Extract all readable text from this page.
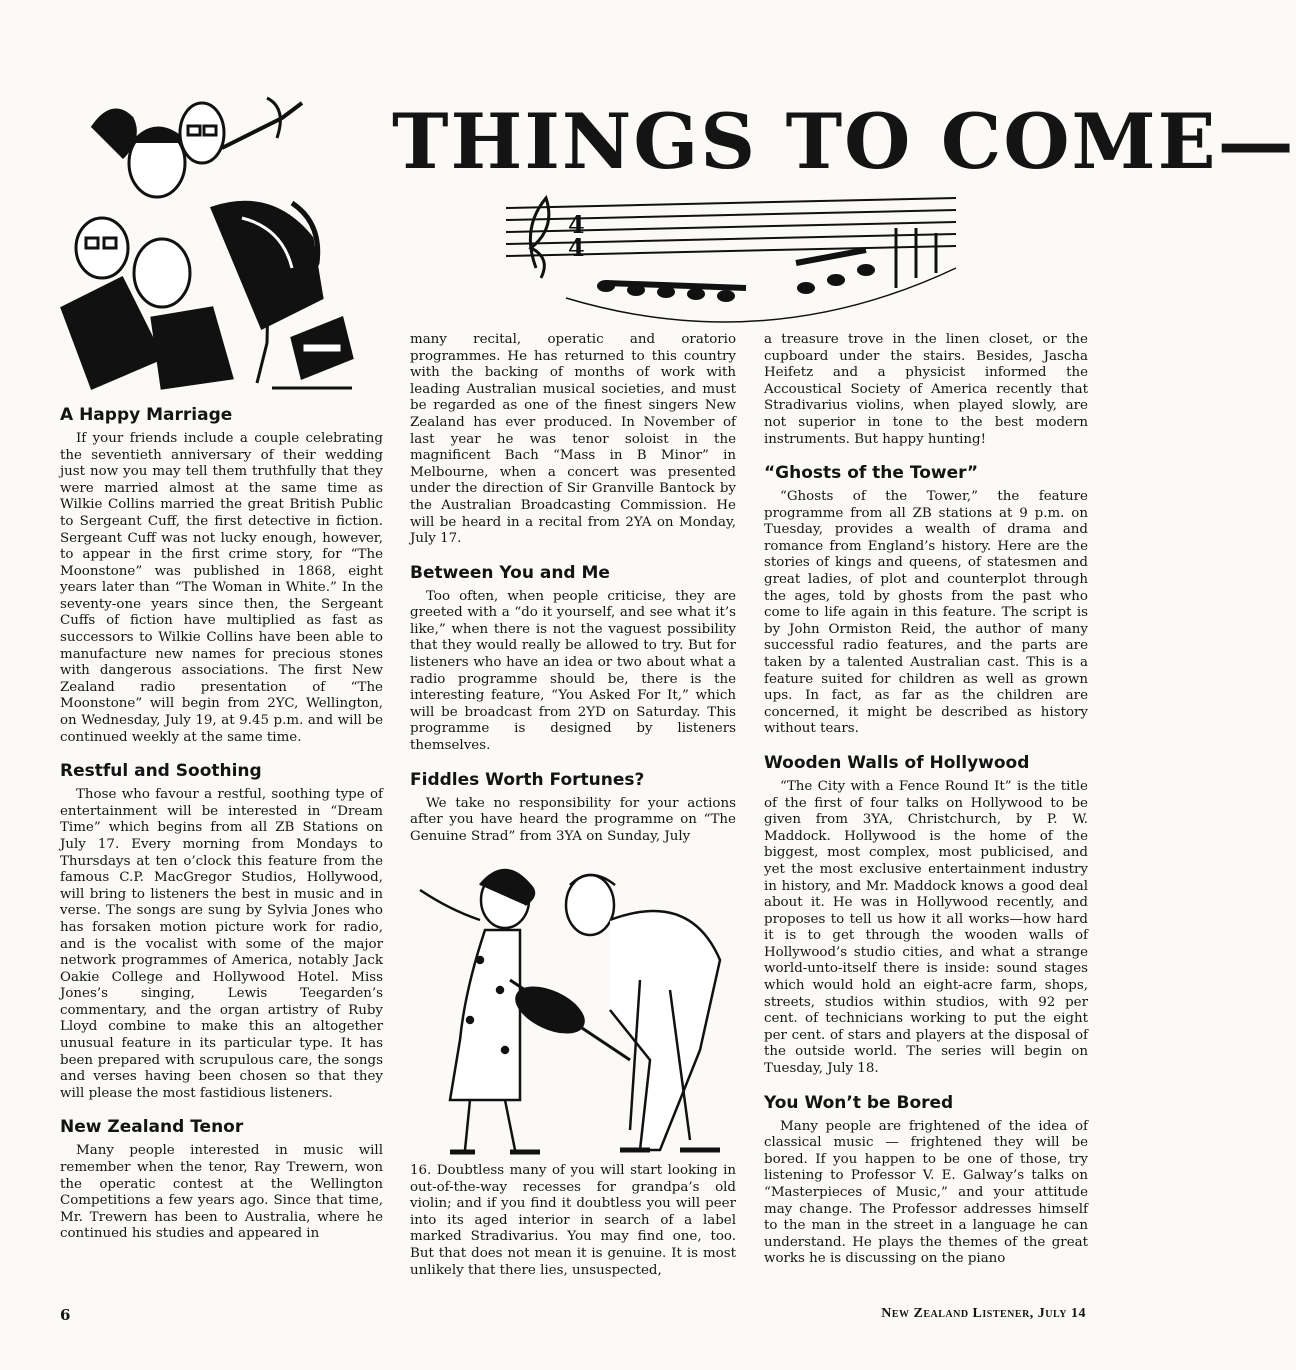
THINGS TO COME—
4
4
A Happy Marriage

If your friends include a couple celebrating the seventieth anniversary of their wedding just now you may tell them truthfully that they were married almost at the same time as Wilkie Collins married the great British Public to Sergeant Cuff, the first detective in fiction. Sergeant Cuff was not lucky enough, however, to appear in the first crime story, for “The Moonstone” was published in 1868, eight years later than “The Woman in White.” In the seventy-one years since then, the Sergeant Cuffs of fiction have multiplied as fast as successors to Wilkie Collins have been able to manufacture new names for precious stones with dangerous associations. The first New Zealand radio presentation of “The Moonstone” will begin from 2YC, Wellington, on Wednesday, July 19, at 9.45 p.m. and will be continued weekly at the same time.

Restful and Soothing

Those who favour a restful, soothing type of entertainment will be interested in “Dream Time” which begins from all ZB Stations on July 17. Every morning from Mondays to Thursdays at ten o’clock this feature from the famous C.P. MacGregor Studios, Hollywood, will bring to listeners the best in music and in verse. The songs are sung by Sylvia Jones who has forsaken motion picture work for radio, and is the vocalist with some of the major network programmes of America, notably Jack Oakie College and Hollywood Hotel. Miss Jones’s singing, Lewis Teegarden’s commentary, and the organ artistry of Ruby Lloyd combine to make this an altogether unusual feature in its particular type. It has been prepared with scrupulous care, the songs and verses having been chosen so that they will please the most fastidious listeners.

New Zealand Tenor

Many people interested in music will remember when the tenor, Ray Trewern, won the operatic contest at the Wellington Competitions a few years ago. Since that time, Mr. Trewern has been to Australia, where he continued his studies and appeared in

many recital, operatic and oratorio programmes. He has returned to this country with the backing of months of work with leading Australian musical societies, and must be regarded as one of the finest singers New Zealand has ever produced. In November of last year he was tenor soloist in the magnificent Bach “Mass in B Minor” in Melbourne, when a concert was presented under the direction of Sir Granville Bantock by the Australian Broadcasting Commission. He will be heard in a recital from 2YA on Monday, July 17.

Between You and Me

Too often, when people criticise, they are greeted with a “do it yourself, and see what it’s like,” when there is not the vaguest possibility that they would really be allowed to try. But for listeners who have an idea or two about what a radio programme should be, there is the interesting feature, “You Asked For It,” which will be broadcast from 2YD on Saturday. This programme is designed by listeners themselves.

Fiddles Worth Fortunes?

We take no responsibility for your actions after you have heard the programme on “The Genuine Strad” from 3YA on Sunday, July

16. Doubtless many of you will start looking in out-of-the-way recesses for grandpa’s old violin; and if you find it doubtless you will peer into its aged interior in search of a label marked Stradivarius. You may find one, too. But that does not mean it is genuine. It is most unlikely that there lies, unsuspected,

a treasure trove in the linen closet, or the cupboard under the stairs. Besides, Jascha Heifetz and a physicist informed the Accoustical Society of America recently that Stradivarius violins, when played slowly, are not superior in tone to the best modern instruments. But happy hunting!

“Ghosts of the Tower”

“Ghosts of the Tower,” the feature programme from all ZB stations at 9 p.m. on Tuesday, provides a wealth of drama and romance from England’s history. Here are the stories of kings and queens, of statesmen and great ladies, of plot and counterplot through the ages, told by ghosts from the past who come to life again in this feature. The script is by John Ormiston Reid, the author of many successful radio features, and the parts are taken by a talented Australian cast. This is a feature suited for children as well as grown ups. In fact, as far as the children are concerned, it might be described as history without tears.

Wooden Walls of Hollywood

“The City with a Fence Round It” is the title of the first of four talks on Hollywood to be given from 3YA, Christchurch, by P. W. Maddock. Hollywood is the home of the biggest, most complex, most publicised, and yet the most exclusive entertainment industry in history, and Mr. Maddock knows a good deal about it. He was in Hollywood recently, and proposes to tell us how it all works—how hard it is to get through the wooden walls of Hollywood’s studio cities, and what a strange world-unto-itself there is inside: sound stages which would hold an eight-acre farm, shops, streets, studios within studios, with 92 per cent. of technicians working to put the eight per cent. of stars and players at the disposal of the outside world. The series will begin on Tuesday, July 18.

You Won’t be Bored

Many people are frightened of the idea of classical music — frightened they will be bored. If you happen to be one of those, try listening to Professor V. E. Galway’s talks on “Masterpieces of Music,” and your attitude may change. The Professor addresses himself to the man in the street in a language he can understand. He plays the themes of the great works he is discussing on the piano

6	New Zealand Listener, July 14
